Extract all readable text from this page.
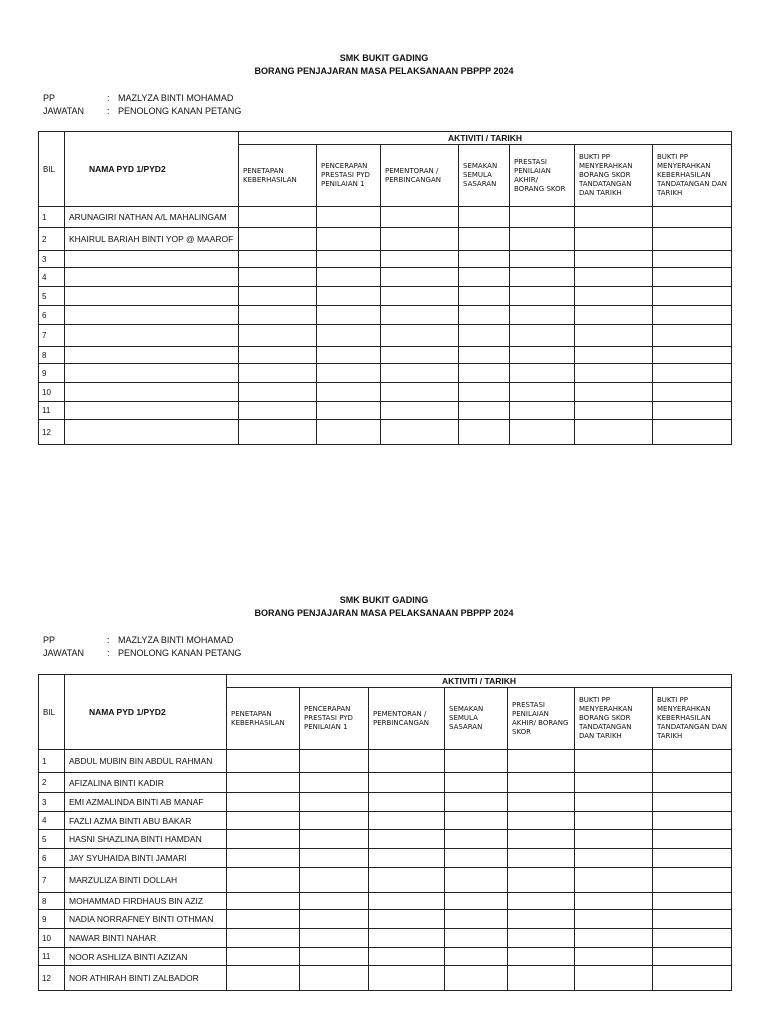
SMK BUKIT GADING
BORANG PENJAJARAN MASA PELAKSANAAN PBPPP 2024
PP	: MAZLYZA BINTI MOHAMAD
JAWATAN	: PENOLONG KANAN PETANG
BIL	NAMA PYD 1/PYD2	AKTIVITI / TARIKH						
		PENETAPAN KEBERHASILAN	PENCERAPAN PRESTASI PYD PENILAIAN 1	PEMENTORAN / PERBINCANGAN	SEMAKAN SEMULA SASARAN	PRESTASI PENILAIAN AKHIR/ BORANG SKOR	BUKTI PP MENYERAHKAN BORANG SKOR TANDATANGAN DAN TARIKH	BUKTI PP MENYERAHKAN KEBERHASILAN TANDATANGAN DAN TARIKH
1	ARUNAGIRI NATHAN A/L MAHALINGAM							
2	KHAIRUL BARIAH BINTI YOP @ MAAROF							
3								
4								
5								
6								
7								
8								
9								
10								
11								
12								
SMK BUKIT GADING
BORANG PENJAJARAN MASA PELAKSANAAN PBPPP 2024
PP	: MAZLYZA BINTI MOHAMAD
JAWATAN	: PENOLONG KANAN PETANG
BIL	NAMA PYD 1/PYD2	AKTIVITI / TARIKH						
		PENETAPAN KEBERHASILAN	PENCERAPAN PRESTASI PYD PENILAIAN 1	PEMENTORAN / PERBINCANGAN	SEMAKAN SEMULA SASARAN	PRESTASI PENILAIAN AKHIR/ BORANG SKOR	BUKTI PP MENYERAHKAN BORANG SKOR TANDATANGAN DAN TARIKH	BUKTI PP MENYERAHKAN KEBERHASILAN TANDATANGAN DAN TARIKH
1	ABDUL MUBIN BIN ABDUL RAHMAN							
2	AFIZALINA BINTI KADIR							
3	EMI AZMALINDA BINTI AB MANAF							
4	FAZLI AZMA BINTI ABU BAKAR							
5	HASNI SHAZLINA BINTI HAMDAN							
6	JAY SYUHAIDA BINTI JAMARI							
7	MARZULIZA BINTI DOLLAH							
8	MOHAMMAD FIRDHAUS BIN AZIZ							
9	NADIA NORRAFNEY BINTI OTHMAN							
10	NAWAR BINTI NAHAR							
11	NOOR ASHLIZA BINTI AZIZAN							
12	NOR ATHIRAH BINTI ZALBADOR							
